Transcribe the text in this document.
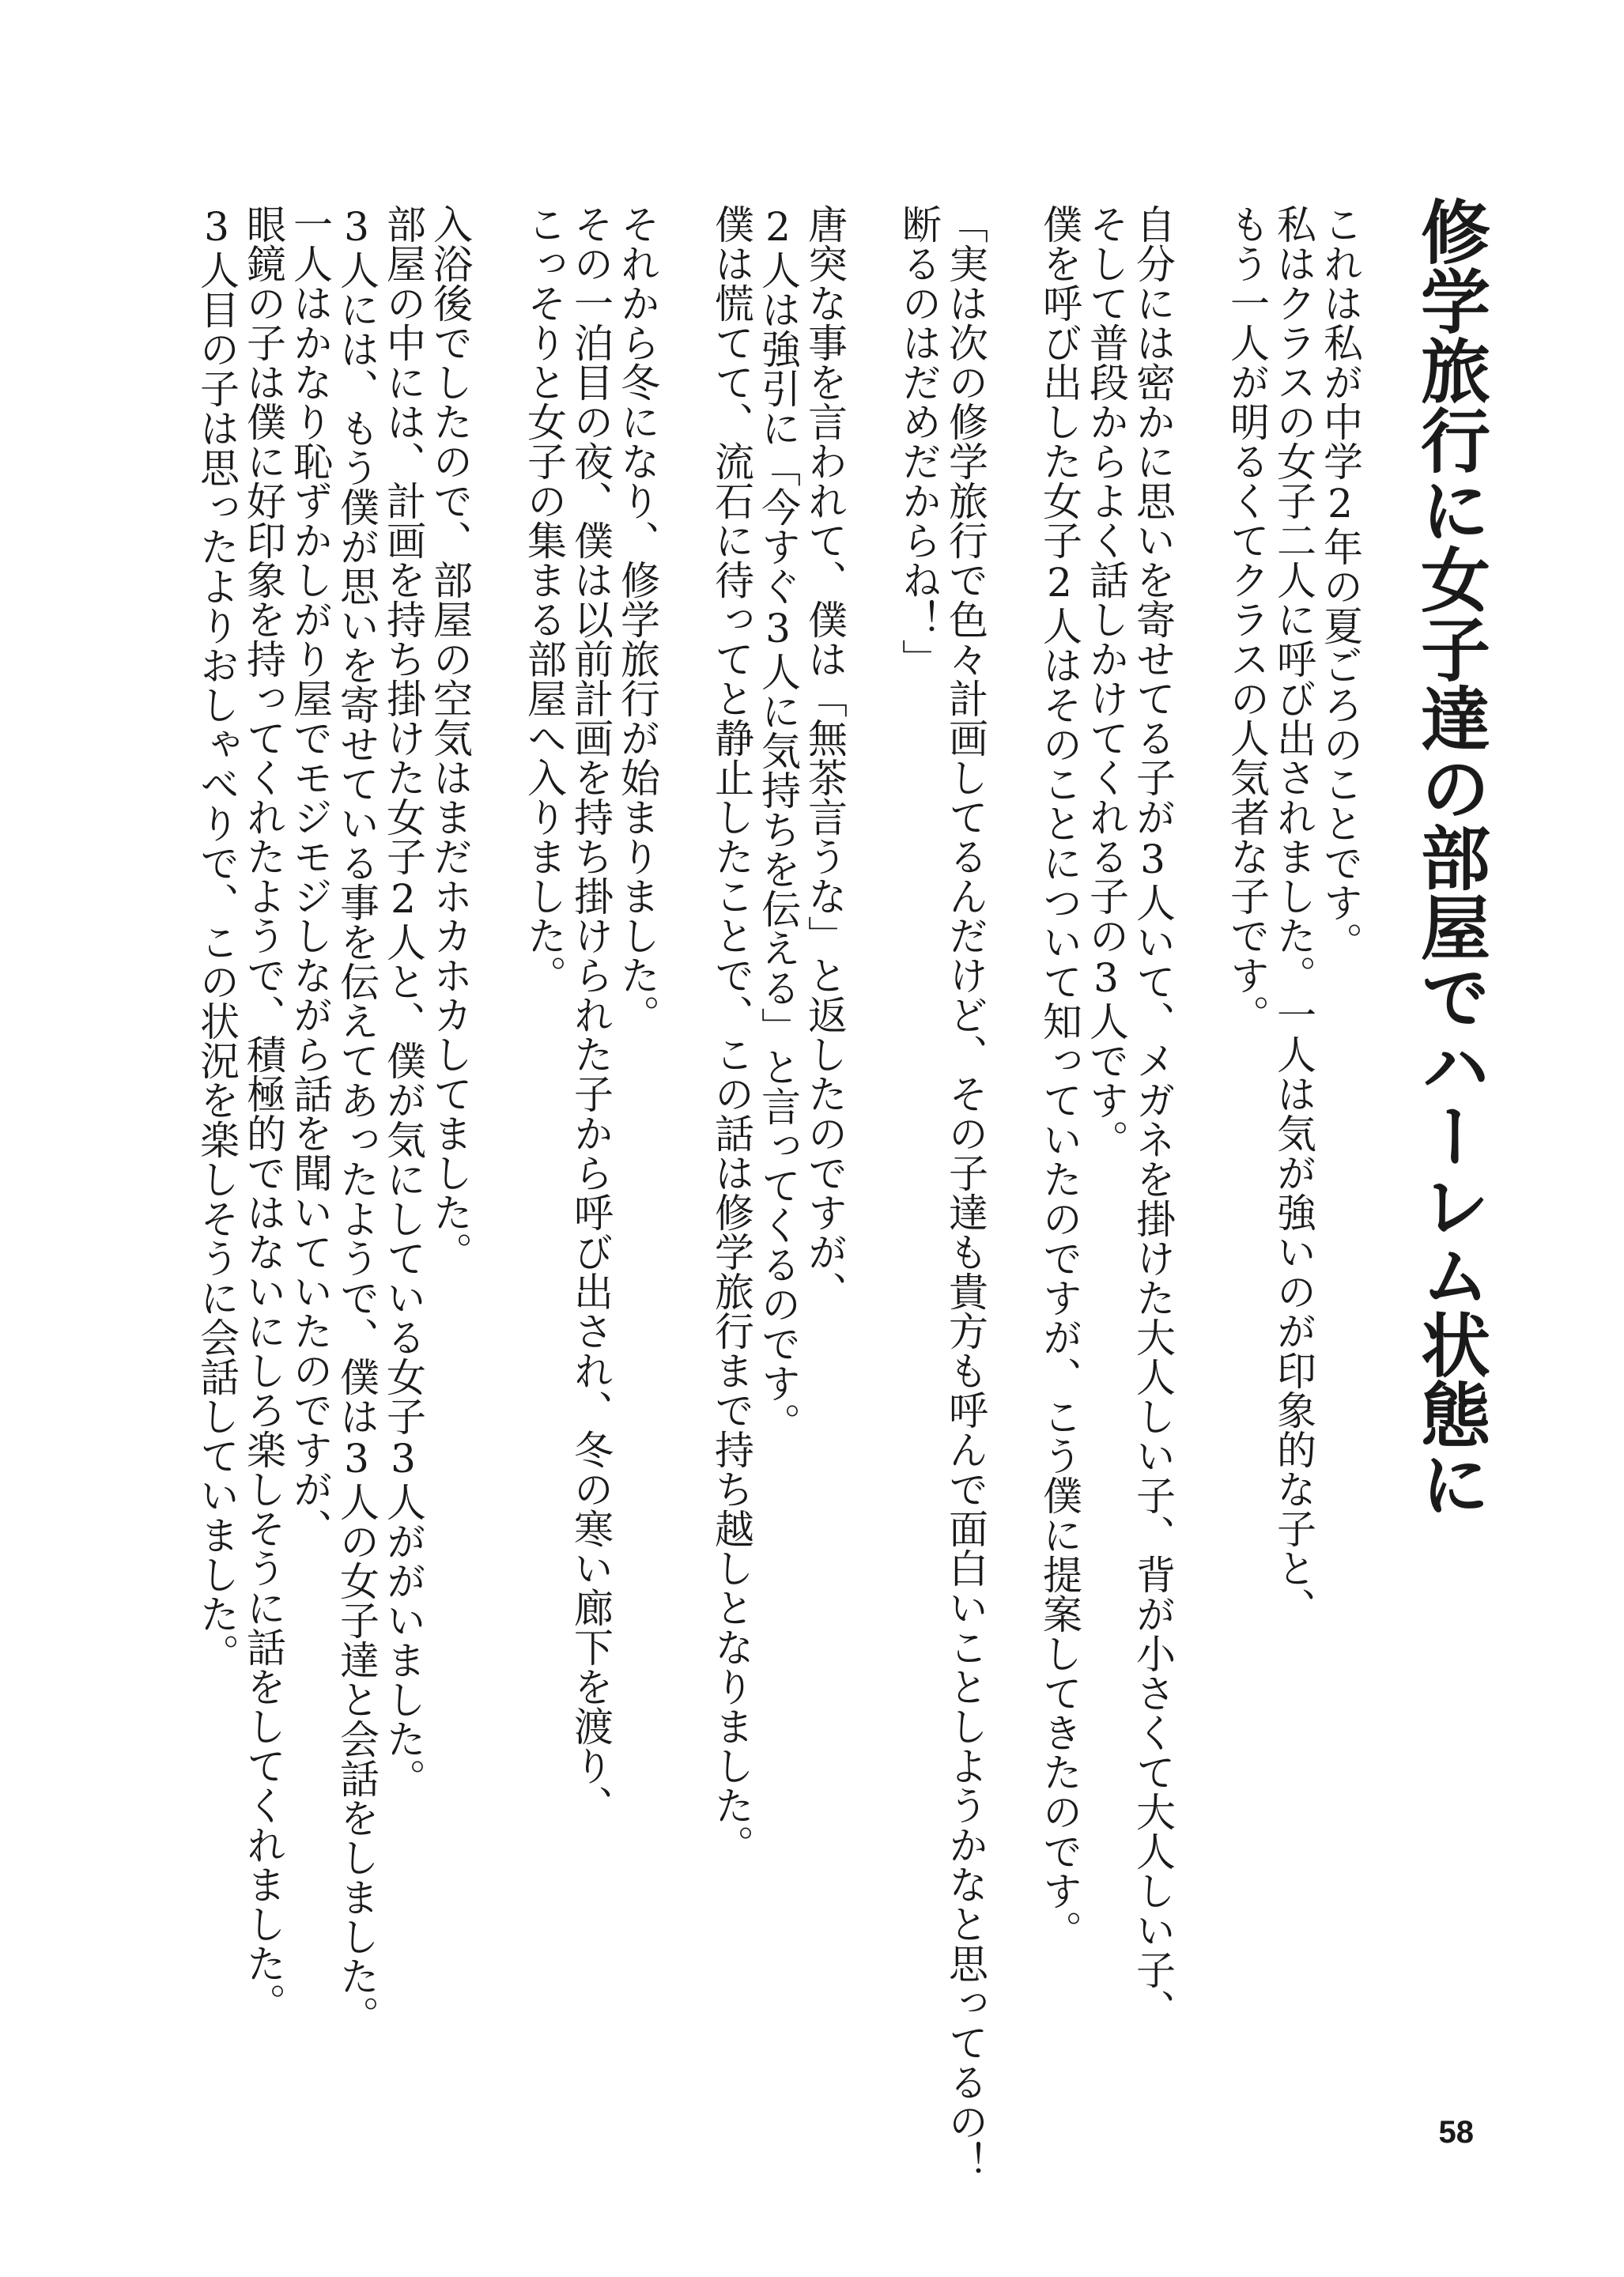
修学旅行に女子達の部屋でハーレム状態に

これは私が中学2年の夏ごろのことです。
私はクラスの女子二人に呼び出されました。一人は気が強いのが印象的な子と、
もう一人が明るくてクラスの人気者な子です。

自分には密かに思いを寄せてる子が3人いて、メガネを掛けた大人しい子、背が小さくて大人しい子、
そして普段からよく話しかけてくれる子の3人です。
僕を呼び出した女子2人はそのことについて知っていたのですが、こう僕に提案してきたのです。

「実は次の修学旅行で色々計画してるんだけど、その子達も貴方も呼んで面白いことしようかなと思ってるの！
断るのはだめだからね！」

唐突な事を言われて、僕は「無茶言うな」と返したのですが、
2人は強引に「今すぐ3人に気持ちを伝える」と言ってくるのです。
僕は慌てて、流石に待ってと静止したことで、この話は修学旅行まで持ち越しとなりました。

それから冬になり、修学旅行が始まりました。
その一泊目の夜、僕は以前計画を持ち掛けられた子から呼び出され、冬の寒い廊下を渡り、
こっそりと女子の集まる部屋へ入りました。

入浴後でしたので、部屋の空気はまだホカホカしてました。
部屋の中には、計画を持ち掛けた女子2人と、僕が気にしている女子3人ががいました。
3人には、もう僕が思いを寄せている事を伝えてあったようで、僕は3人の女子達と会話をしました。
一人はかなり恥ずかしがり屋でモジモジしながら話を聞いていたのですが、
眼鏡の子は僕に好印象を持ってくれたようで、積極的ではないにしろ楽しそうに話をしてくれました。
3人目の子は思ったよりおしゃべりで、この状況を楽しそうに会話していました。

58
